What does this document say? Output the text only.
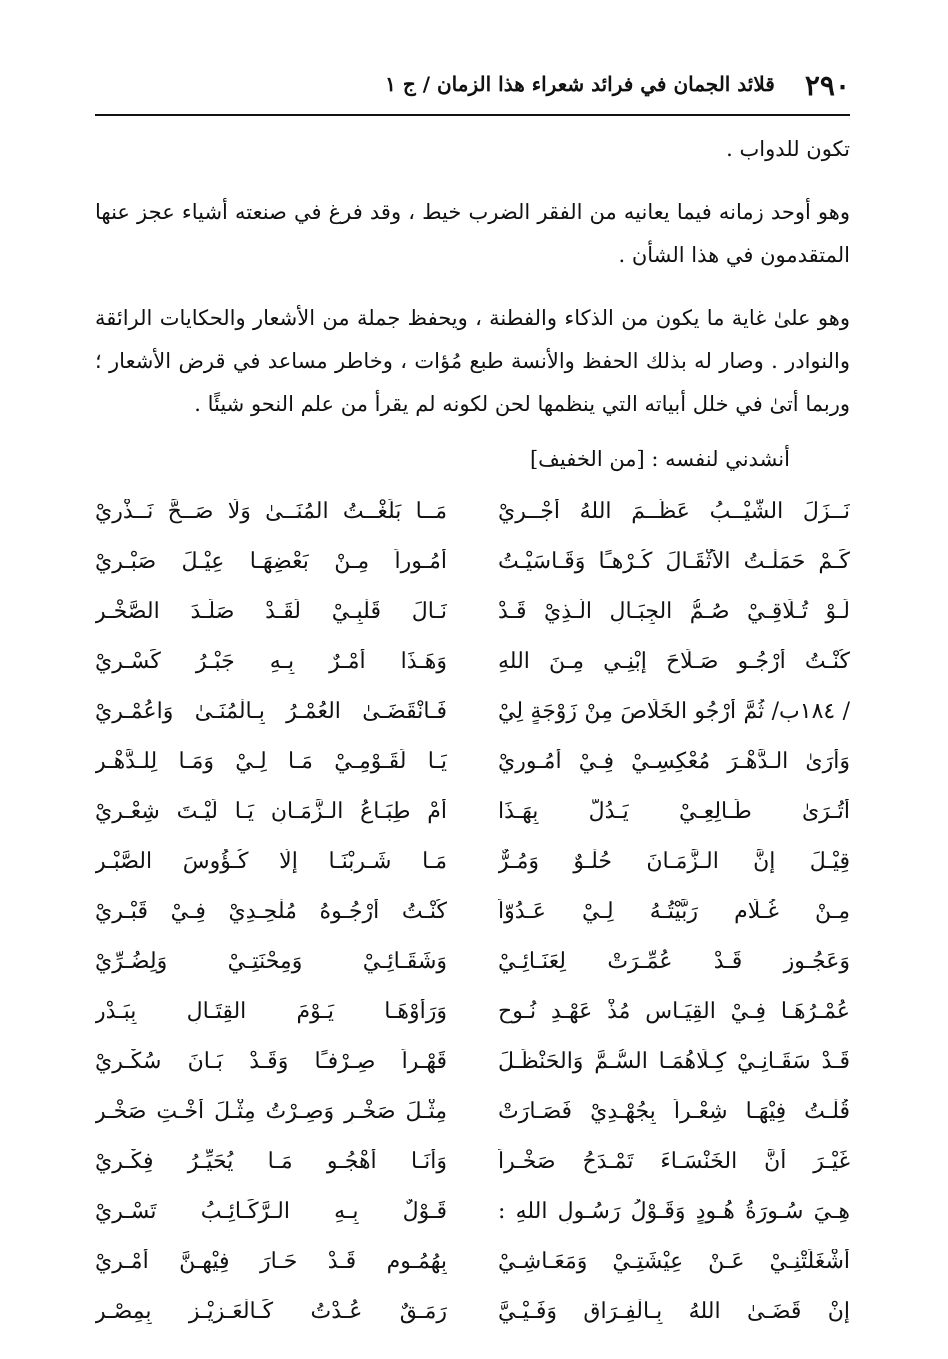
٢٩٠
قلائد الجمان في فرائد شعراء هذا الزمان / ج ١

تكون للدواب .

وهو أوحد زمانه فيما يعانيه من الفقر الضرب خيط ، وقد فرغ في صنعته أشياء عجز عنها المتقدمون في هذا الشأن .

وهو علىٰ غاية ما يكون من الذكاء والفطنة ، ويحفظ جملة من الأشعار والحكايات الرائقة والنوادر . وصار له بذلك الحفظ والأنسة طبع مُؤات ، وخاطر مساعد في قرض الأشعار ؛ وربما أتىٰ في خلل أبياته التي ينظمها لحن لكونه لم يقرأ من علم النحو شيئًا .

أنشدني لنفسه : [من الخفيف]
نَــزَلَ الشَّيْــبُ عَظَّــمَ اللهُ أَجْــرِيْ
مَــا بَلَغْــتُ المُنَــىٰ وَلَا صَــحَّ نَــذْرِيْ
كَـمْ حَمَلْـتُ الأَثْقَـالَ كُـرْهـًا وَقَـاسَيْـتُ
أُمُـوراً مِـنْ بَعْضِهَـا عِيْـلَ صَبْـرِيْ
لَـوْ تُـلَاقِـيْ صُـمُّ الجِبَـالِ الَّـذِيْ قَـدْ
نَـالَ قَلْبِـيْ لَقَـدْ صَلَـدَ الصَّخْـرِ
كُنْـتُ أَرْجُـو صَـلَاحَ إِبْنِـي مِـنَ اللهِ
وَهَـذَا أَمْـرٌ بِـهِ جَبْـرُ كَسْـرِيْ
/ ١٨٤ب/ ثُمَّ أَرْجُو الخَلَاصَ مِنْ زَوْجَةٍ لِيْ
فَـانْقَضَـىٰ العُمْـرُ بِـالْمُنَـىٰ وَاعُمْـرِيْ
وَأَرَىٰ الـدَّهْـرَ مُعْكِسِـيْ فِـيْ أُمُـورِيْ
يَـا لَقَـوْمِـيْ مَـا لِـيْ وَمَـا لِلـدَّهْـرِ
أَتُـرَىٰ طَـالِعِـيْ يَـدُلُّ بِهَـذَا
أَمْ طِبَـاعُ الـزَّمَـانِ يَـا لَيْـتَ شِعْـرِيْ
قِيْـلَ إِنَّ الـزَّمَـانَ حُلْـوٌ وَمُـرٌّ
مَـا شَـرِبْنَـا إِلَّا كُـؤُوسَ الصَّبْـرِ
مِـنْ غُـلَامٍ رَبَّيْتُـهُ لِـيْ عَـدُوّاً
كُنْـتُ أَرْجُـوهُ مُلْحِـدِيْ فِـيْ قَبْـرِيْ
وَعَجُـوزٍ قَـدْ عُمِّـرَتْ لِعَنَـائِـيْ
وَشَقَـائِـيْ وَمِحْنَتِـيْ وَلِضُـرِّيْ
عُمْـرُهَـا فِـيْ القِيَـاسِ مُذْ عَهْـدِ نُـوحٍ
وَرَأَوْهَـا يَـوْمَ القِتَـالِ بِبَـدْرِ
قَـدْ سَقَـانِـيْ كِـلَاهُمَـا السُّـمَّ وَالحَنْظَـلَ
قَهْـراً صِـرْفـًا وَقَـدْ بَـانَ سُكْـرِيْ
قُلْـتُ فِيْهَـا شِعْـراً بِجُهْـدِيْ فَصَـارَتْ
مِثْـلَ صَخْـرٍ وَصِـرْتُ مِثْـلَ أُخْـتِ صَخْـرِ
غَيْـرَ أَنَّ الخَنْسَـاءَ تَمْـدَحُ صَخْـراً
وَأَنَـا أَهْجُـو مَـا يُحَيِّـرُ فِكْـرِيْ
هِـيَ سُـورَةُ هُـودٍ وَقَـوْلُ رَسُـولِ اللهِ :
قَـوْلٌ بِـهِ الـرَّكَـائِـبُ تَسْـرِيْ
أَشْغَلَتْنِـيْ عَـنْ عِيْشَتِـيْ وَمَعَـاشِـيْ
بِهُمُـومٍ قَـدْ حَـارَ فِيْهِـنَّ أَمْـرِيْ
إِنْ قَضَـىٰ اللهُ بِـالْفِـرَاقِ وَفَـيْـيَّ
رَمَـقٌ عُـدْتُ كَـالْعَـزِيْـزِ بِمِصْـرِ
